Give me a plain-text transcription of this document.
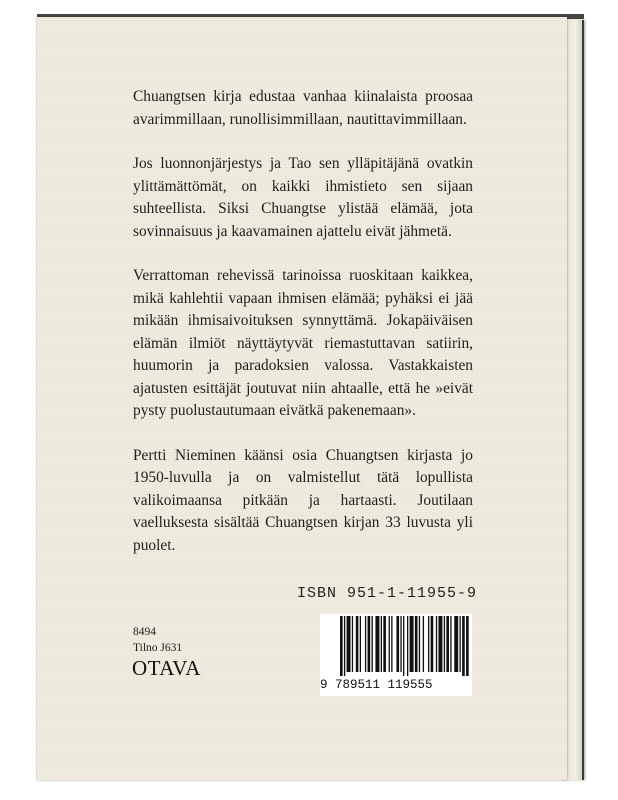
Chuangtsen kirja edustaa vanhaa kiinalaista proosaa avarimmillaan, runollisimmillaan, nautittavimmillaan.

Jos luonnonjärjestys ja Tao sen ylläpitäjänä ovatkin ylittämättömät, on kaikki ihmistieto sen sijaan suhteellista. Siksi Chuangtse ylistää elämää, jota sovinnaisuus ja kaavamainen ajattelu eivät jähmetä.

Verrattoman rehevissä tarinoissa ruoskitaan kaikkea, mikä kahlehtii vapaan ihmisen elämää; pyhäksi ei jää mikään ihmisaivoituksen synnyttämä. Jokapäiväisen elämän ilmiöt näyttäytyvät riemastuttavan satiirin, huumorin ja paradoksien valossa. Vastakkaisten ajatusten esittäjät joutuvat niin ahtaalle, että he »eivät pysty puolustautumaan eivätkä pakenemaan».

Pertti Nieminen käänsi osia Chuangtsen kirjasta jo 1950-luvulla ja on valmistellut tätä lopullista valikoimaansa pitkään ja hartaasti. Joutilaan vaelluksesta sisältää Chuangtsen kirjan 33 luvusta yli puolet.

ISBN 951-1-11955-9
9 789511 119555
8494
Tilno J631
OTAVA
